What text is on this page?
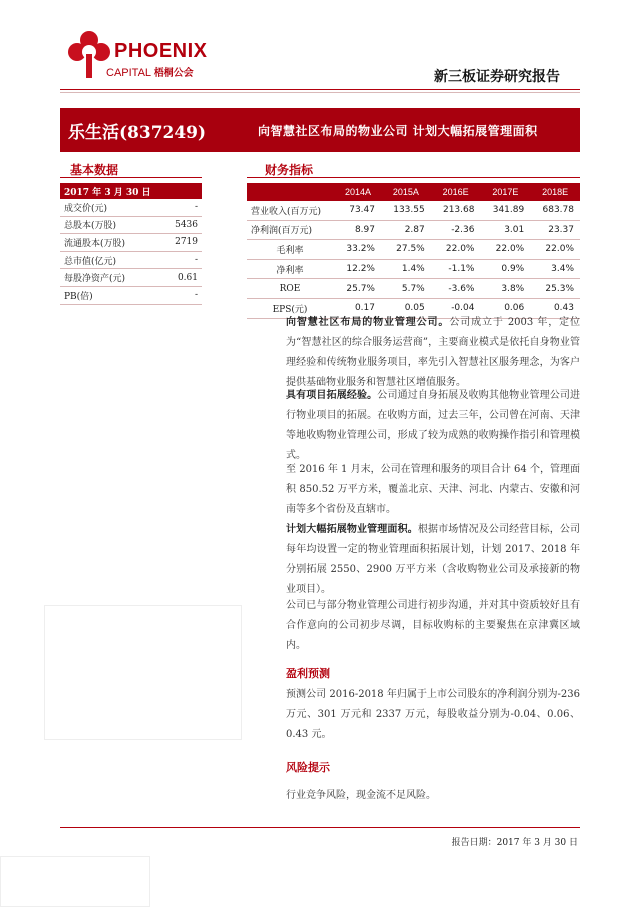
PHOENIX
CAPITAL 梧桐公会	新三板证券研究报告
乐生活(837249)	向智慧社区布局的物业公司 计划大幅拓展管理面积
基本数据	财务指标
2017 年 3 月 30 日	
成交价(元)	-
总股本(万股)	5436
流通股本(万股)	2719
总市值(亿元)	-
每股净资产(元)	0.61
PB(倍)	-
	2014A	2015A	2016E	2017E	2018E
营业收入(百万元)	73.47	133.55	213.68	341.89	683.78
净利润(百万元)	8.97	2.87	-2.36	3.01	23.37
毛利率	33.2%	27.5%	22.0%	22.0%	22.0%
净利率	12.2%	1.4%	-1.1%	0.9%	3.4%
ROE	25.7%	5.7%	-3.6%	3.8%	25.3%
EPS(元)	0.17	0.05	-0.04	0.06	0.43
向智慧社区布局的物业管理公司。公司成立于 2003 年，定位为“智慧社区的综合服务运营商”，主要商业模式是依托自身物业管理经验和传统物业服务项目，率先引入智慧社区服务理念，为客户提供基础物业服务和智慧社区增值服务。
具有项目拓展经验。公司通过自身拓展及收购其他物业管理公司进行物业项目的拓展。在收购方面，过去三年，公司曾在河南、天津等地收购物业管理公司，形成了较为成熟的收购操作指引和管理模式。
至 2016 年 1 月末，公司在管理和服务的项目合计 64 个，管理面积 850.52 万平方米，覆盖北京、天津、河北、内蒙古、安徽和河南等多个省份及直辖市。
计划大幅拓展物业管理面积。根据市场情况及公司经营目标，公司每年均设置一定的物业管理面积拓展计划，计划 2017、2018 年分别拓展 2550、2900 万平方米（含收购物业公司及承接新的物业项目）。
公司已与部分物业管理公司进行初步沟通，并对其中资质较好且有合作意向的公司初步尽调，目标收购标的主要聚焦在京津冀区域内。
盈利预测
预测公司 2016-2018 年归属于上市公司股东的净利润分别为-236 万元、301 万元和 2337 万元，每股收益分别为-0.04、0.06、0.43 元。
风险提示
行业竞争风险，现金流不足风险。
报告日期：2017 年 3 月 30 日
